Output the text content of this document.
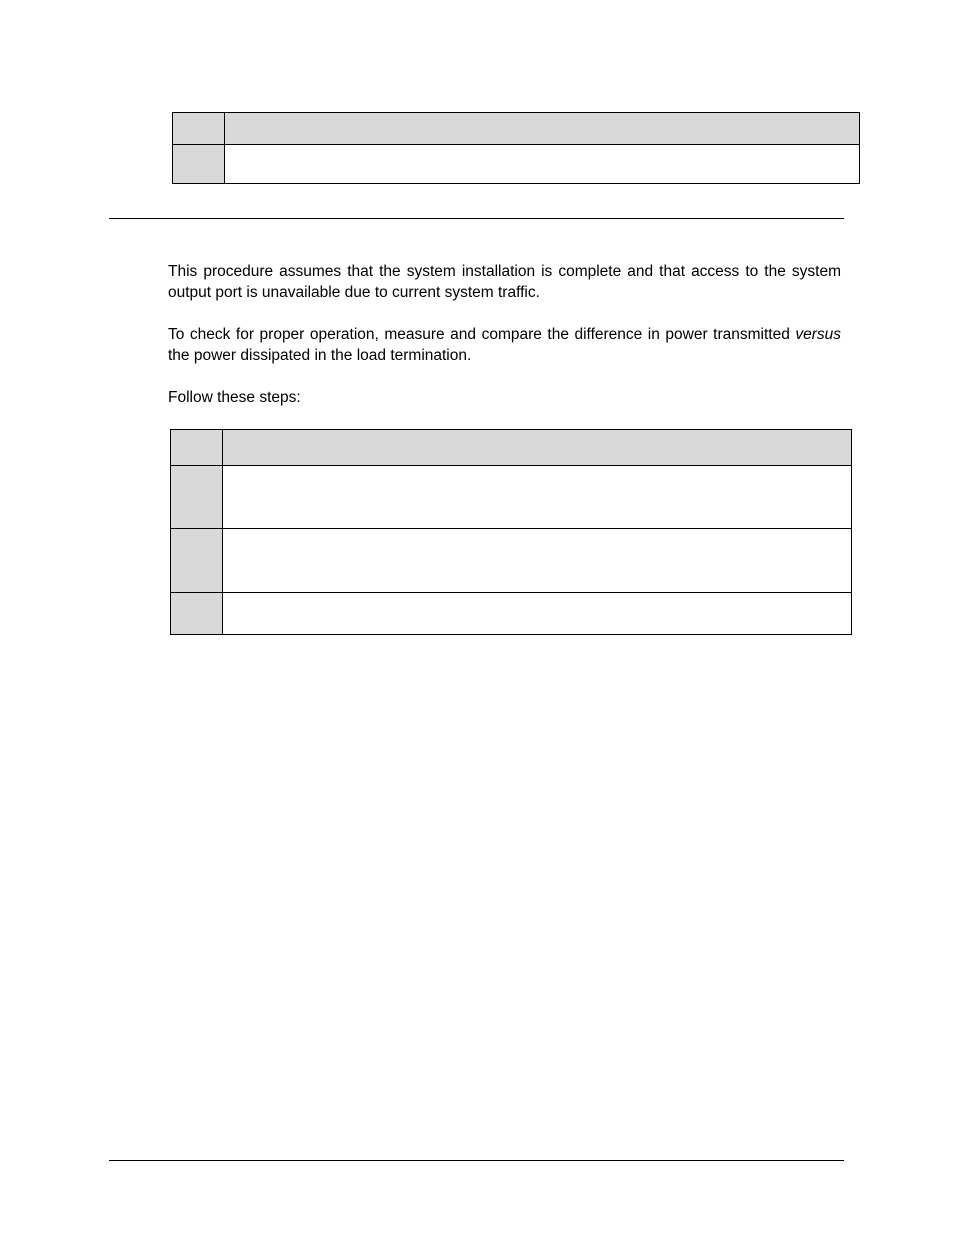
This procedure assumes that the system installation is complete and that access to the system output port is unavailable due to current system traffic.

To check for proper operation, measure and compare the difference in power transmitted versus the power dissipated in the load termination.

Follow these steps:
